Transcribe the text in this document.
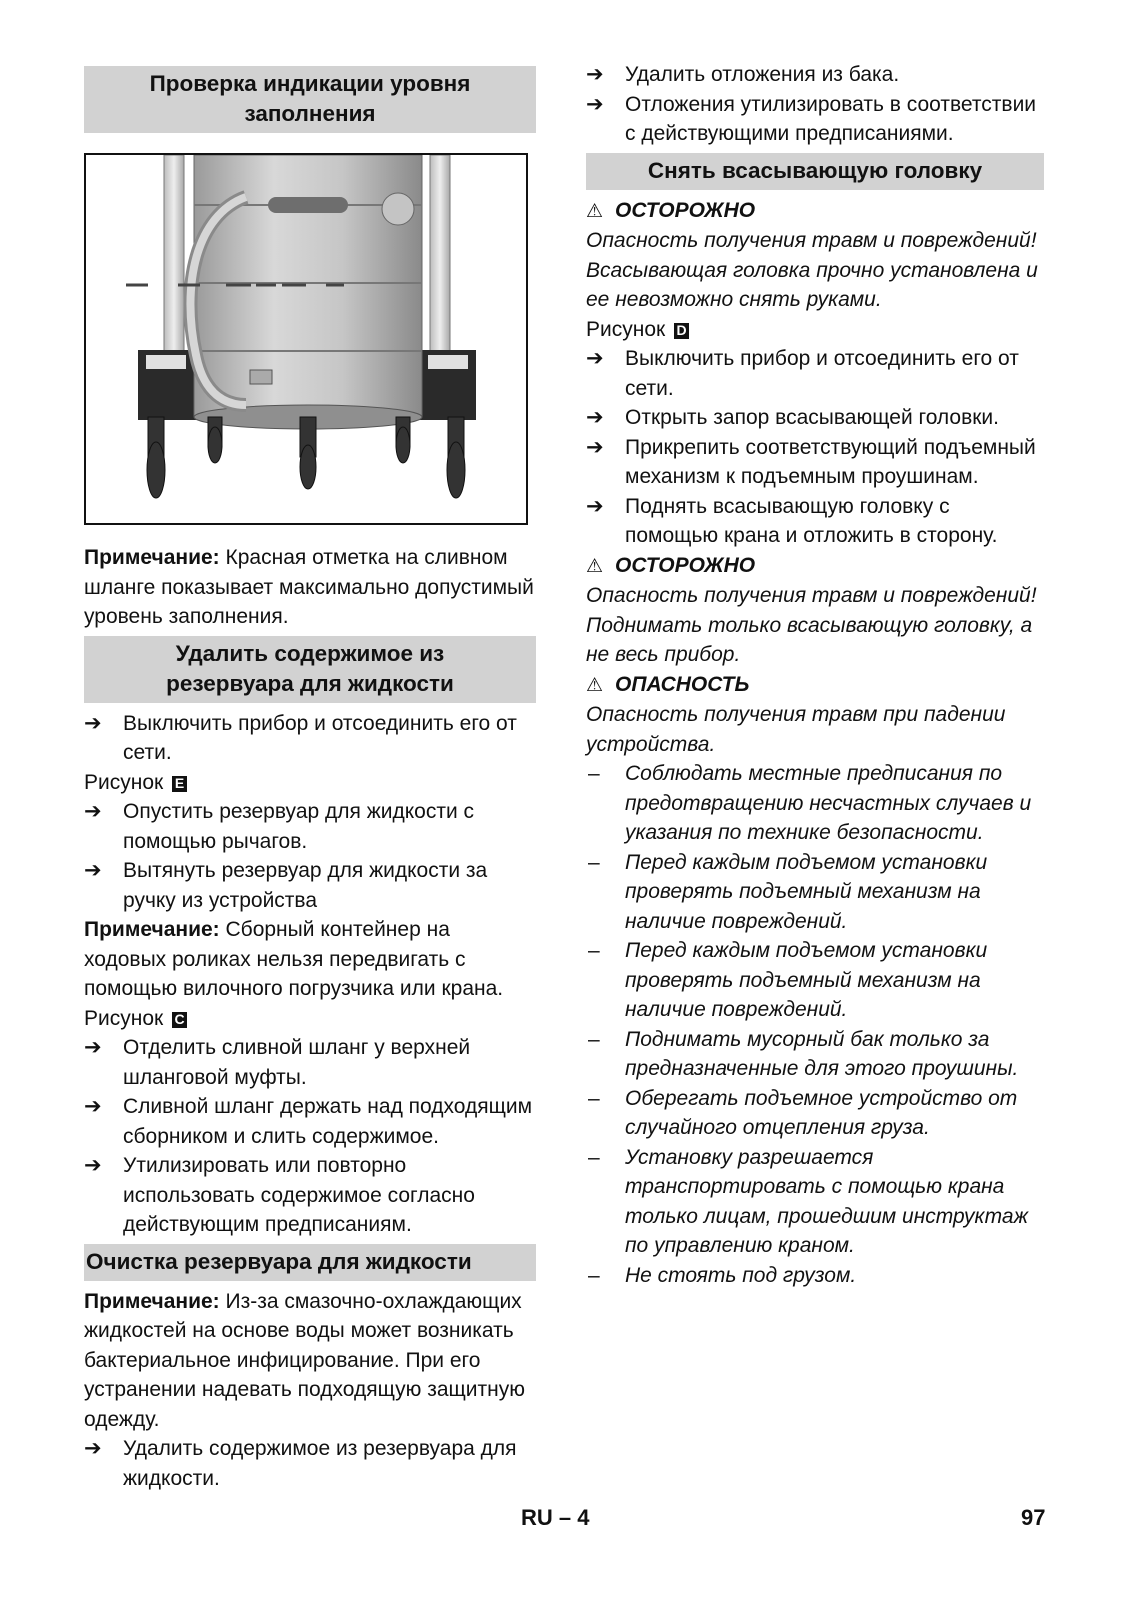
Проверка индикации уровня
заполнения

Примечание: Красная отметка на сливном шланге показывает максимально допустимый уровень заполнения.

Удалить содержимое из
резервуара для жидкости
➔ Выключить прибор и отсоединить его от сети.

Рисунок E

➔ Опустить резервуар для жидкости с помощью рычагов.
➔ Вытянуть резервуар для жидкости за ручку из устройства

Примечание: Сборный контейнер на ходовых роликах нельзя передвигать с помощью вилочного погрузчика или крана.

Рисунок C

➔ Отделить сливной шланг у верхней шланговой муфты.
➔ Сливной шланг держать над подходящим сборником и слить содержимое.
➔ Утилизировать или повторно использовать содержимое согласно действующим предписаниям.
Очистка резервуара для жидкости

Примечание: Из-за смазочно-охлаждающих жидкостей на основе воды может возникать бактериальное инфицирование. При его устранении надевать подходящую защитную одежду.

➔ Удалить содержимое из резервуара для жидкости.
➔ Удалить отложения из бака.
➔ Отложения утилизировать в соответствии с действующими предписаниями.
Снять всасывающую головку

⚠ ОСТОРОЖНО

Опасность получения травм и повреждений! Всасывающая головка прочно установлена и ее невозможно снять руками.

Рисунок D

➔ Выключить прибор и отсоединить его от сети.
➔ Открыть запор всасывающей головки.
➔ Прикрепить соответствующий подъемный механизм к подъемным проушинам.
➔ Поднять всасывающую головку с помощью крана и отложить в сторону.

⚠ ОСТОРОЖНО

Опасность получения травм и повреждений! Поднимать только всасывающую головку, а не весь прибор.

⚠ ОПАСНОСТЬ

Опасность получения травм при падении устройства.

– Соблюдать местные предписания по предотвращению несчастных случаев и указания по технике безопасности.
– Перед каждым подъемом установки проверять подъемный механизм на наличие повреждений.
– Перед каждым подъемом установки проверять подъемный механизм на наличие повреждений.
– Поднимать мусорный бак только за предназначенные для этого проушины.
– Оберегать подъемное устройство от случайного отцепления груза.
– Установку разрешается транспортировать с помощью крана только лицам, прошедшим инструктаж по управлению краном.
– Не стоять под грузом.
RU – 4	97
